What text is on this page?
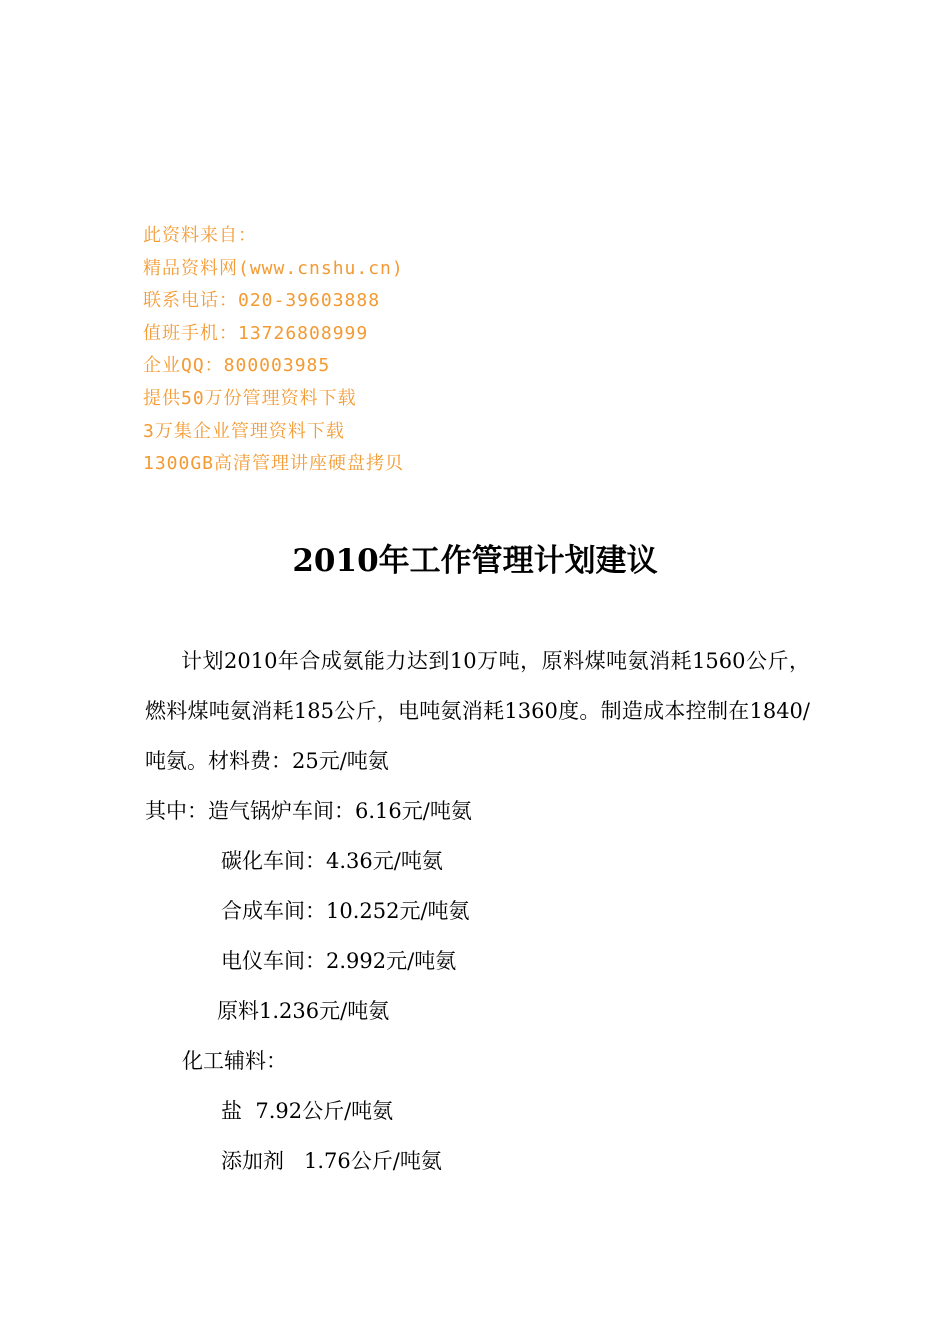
此资料来自：
精品资料网(www.cnshu.cn)
联系电话：020-39603888
值班手机：13726808999
企业QQ：800003985
提供50万份管理资料下载
3万集企业管理资料下载
1300GB高清管理讲座硬盘拷贝
2010年工作管理计划建议

计划2010年合成氨能力达到10万吨，原料煤吨氨消耗1560公斤，燃料煤吨氨消耗185公斤，电吨氨消耗1360度。制造成本控制在1840/吨氨。材料费：25元/吨氨

其中：造气锅炉车间：6.16元/吨氨
碳化车间：4.36元/吨氨
合成车间：10.252元/吨氨
电仪车间：2.992元/吨氨
原料1.236元/吨氨
化工辅料：
盐  7.92公斤/吨氨
添加剂   1.76公斤/吨氨
